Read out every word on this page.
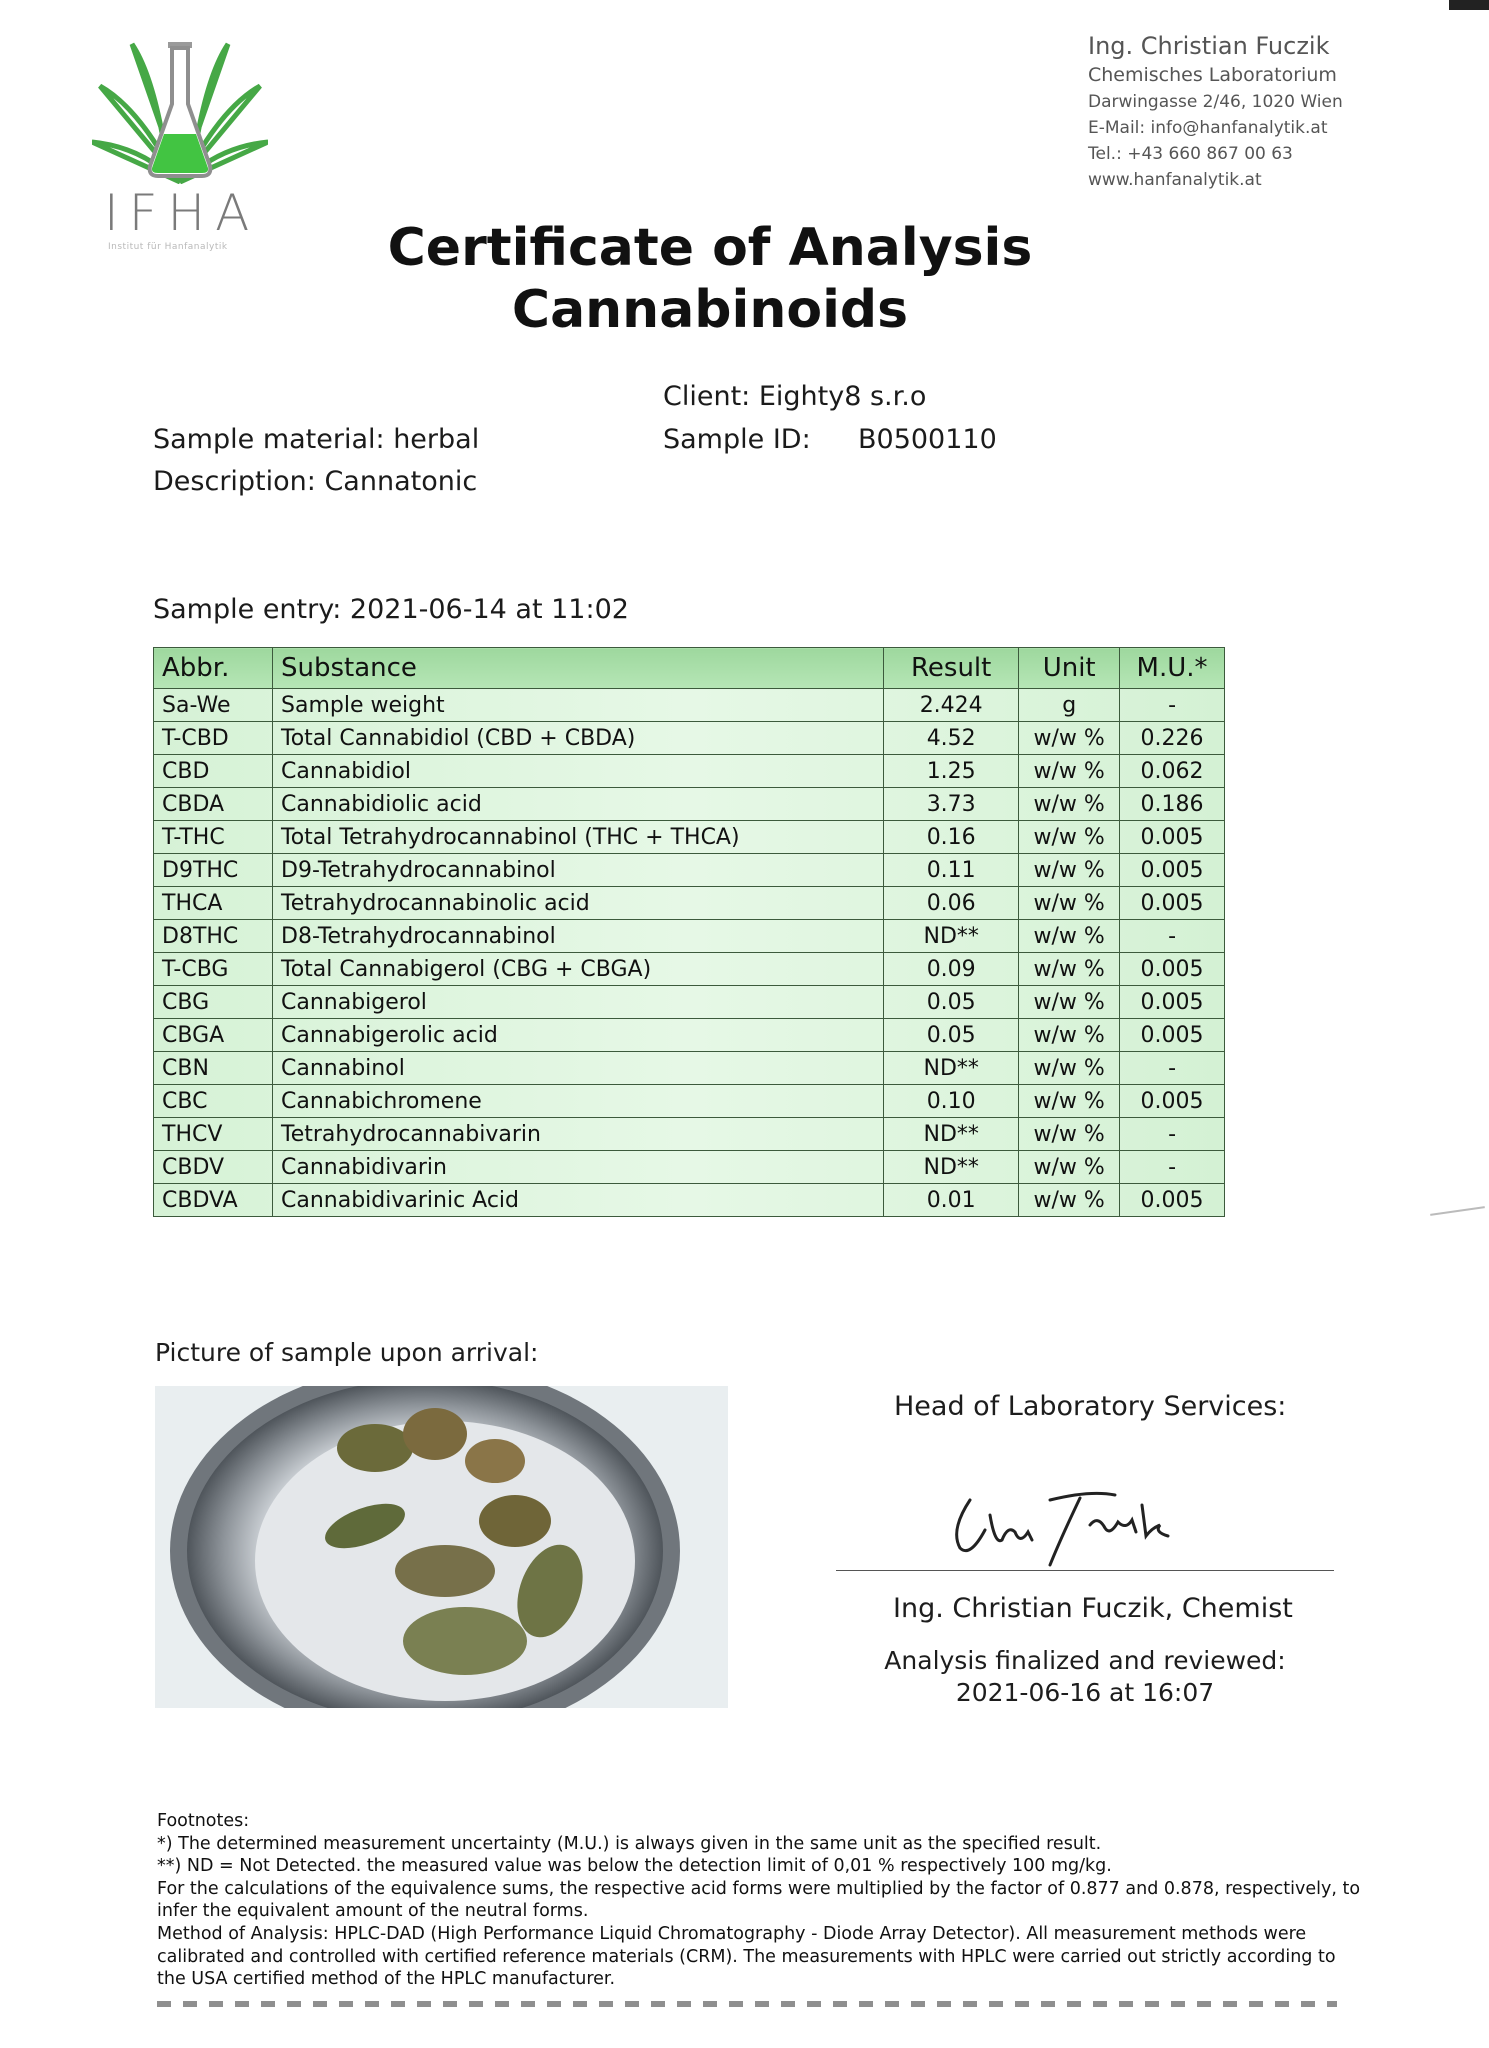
IFHA
Institut für Hanfanalytik
Ing. Christian Fuczik
Chemisches Laboratorium
Darwingasse 2/46, 1020 Wien
E-Mail: info@hanfanalytik.at
Tel.: +43 660 867 00 63
www.hanfanalytik.at
Certificate of Analysis
Cannabinoids
Client: Eighty8 s.r.o
Sample ID: B0500110
Sample material: herbal
Description: Cannatonic
Sample entry: 2021-06-14 at 11:02
Abbr.	Substance	Result	Unit	M.U.*
Sa-We	Sample weight	2.424	g	-
T-CBD	Total Cannabidiol (CBD + CBDA)	4.52	w/w %	0.226
CBD	Cannabidiol	1.25	w/w %	0.062
CBDA	Cannabidiolic acid	3.73	w/w %	0.186
T-THC	Total Tetrahydrocannabinol (THC + THCA)	0.16	w/w %	0.005
D9THC	D9-Tetrahydrocannabinol	0.11	w/w %	0.005
THCA	Tetrahydrocannabinolic acid	0.06	w/w %	0.005
D8THC	D8-Tetrahydrocannabinol	ND**	w/w %	-
T-CBG	Total Cannabigerol (CBG + CBGA)	0.09	w/w %	0.005
CBG	Cannabigerol	0.05	w/w %	0.005
CBGA	Cannabigerolic acid	0.05	w/w %	0.005
CBN	Cannabinol	ND**	w/w %	-
CBC	Cannabichromene	0.10	w/w %	0.005
THCV	Tetrahydrocannabivarin	ND**	w/w %	-
CBDV	Cannabidivarin	ND**	w/w %	-
CBDVA	Cannabidivarinic Acid	0.01	w/w %	0.005
Picture of sample upon arrival:
Head of Laboratory Services:
Ing. Christian Fuczik, Chemist
Analysis finalized and reviewed:
2021-06-16 at 16:07
Footnotes:
*) The determined measurement uncertainty (M.U.) is always given in the same unit as the specified result.
**) ND = Not Detected. the measured value was below the detection limit of 0,01 % respectively 100 mg/kg.
For the calculations of the equivalence sums, the respective acid forms were multiplied by the factor of 0.877 and 0.878, respectively, to infer the equivalent amount of the neutral forms.
Method of Analysis: HPLC-DAD (High Performance Liquid Chromatography - Diode Array Detector). All measurement methods were calibrated and controlled with certified reference materials (CRM). The measurements with HPLC were carried out strictly according to the USA certified method of the HPLC manufacturer.
